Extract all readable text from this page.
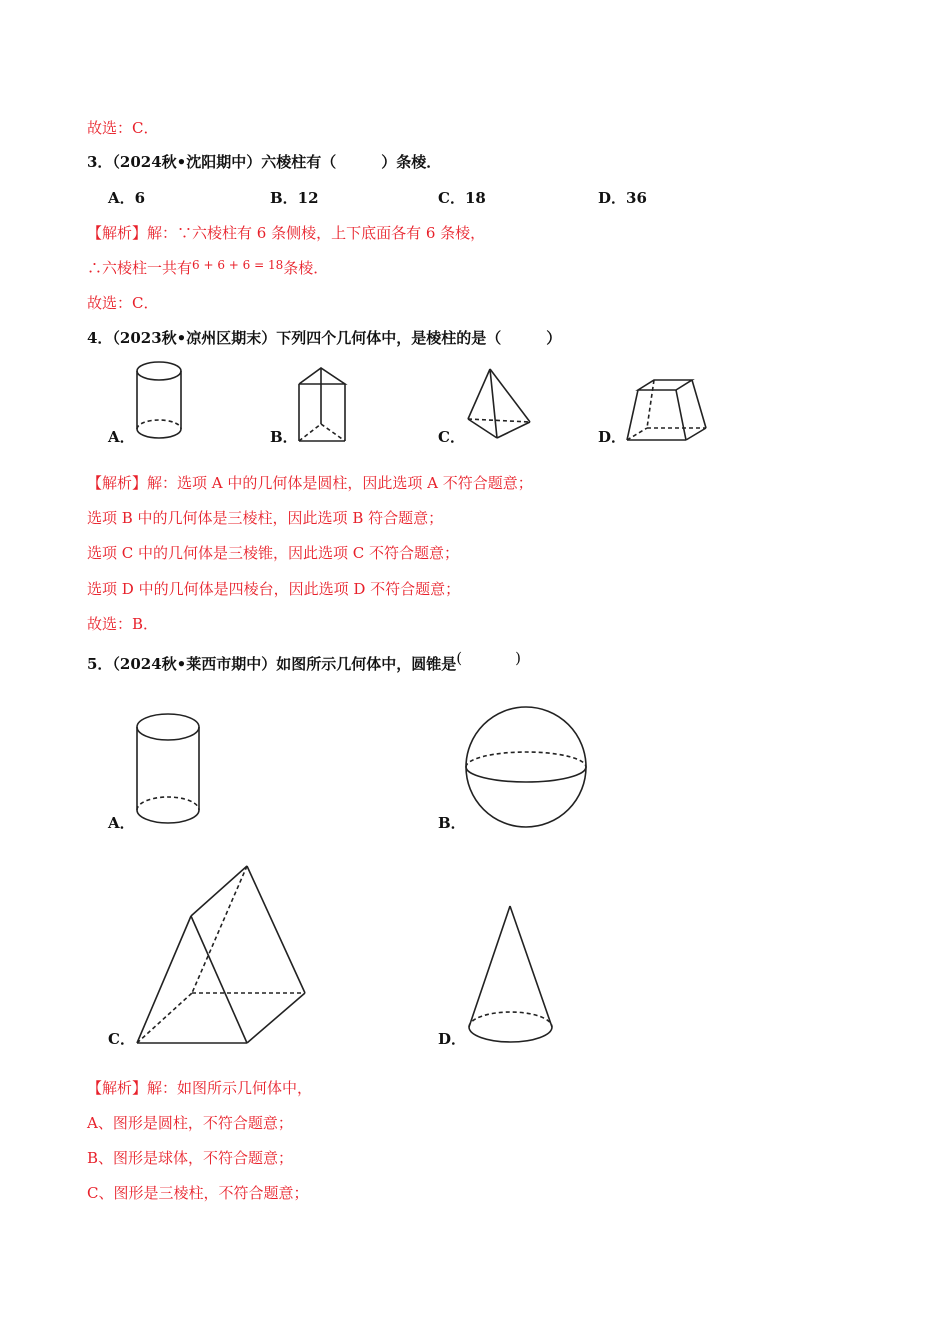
故选：C．
3．（2024秋•沈阳期中）六棱柱有（　　　）条棱．
A．6	B．12	C．18	D．36
【解析】解：∵六棱柱有 6 条侧棱，上下底面各有 6 条棱，
∴六棱柱一共有$^{6 + 6 + 6 = 18}$条棱．
故选：C．
4．（2023秋•凉州区期末）下列四个几何体中，是棱柱的是（　　　）
A．	B．	C．	D．
【解析】解：选项 A 中的几何体是圆柱，因此选项 A 不符合题意；
选项 B 中的几何体是三棱柱，因此选项 B 符合题意；
选项 C 中的几何体是三棱锥，因此选项 C 不符合题意；
选项 D 中的几何体是四棱台，因此选项 D 不符合题意；
故选：B．
5．（2024秋•莱西市期中）如图所示几何体中，圆锥是(　　　)
A．	B．
C．	D．
【解析】解：如图所示几何体中，
A、图形是圆柱，不符合题意；
B、图形是球体，不符合题意；
C、图形是三棱柱，不符合题意；
